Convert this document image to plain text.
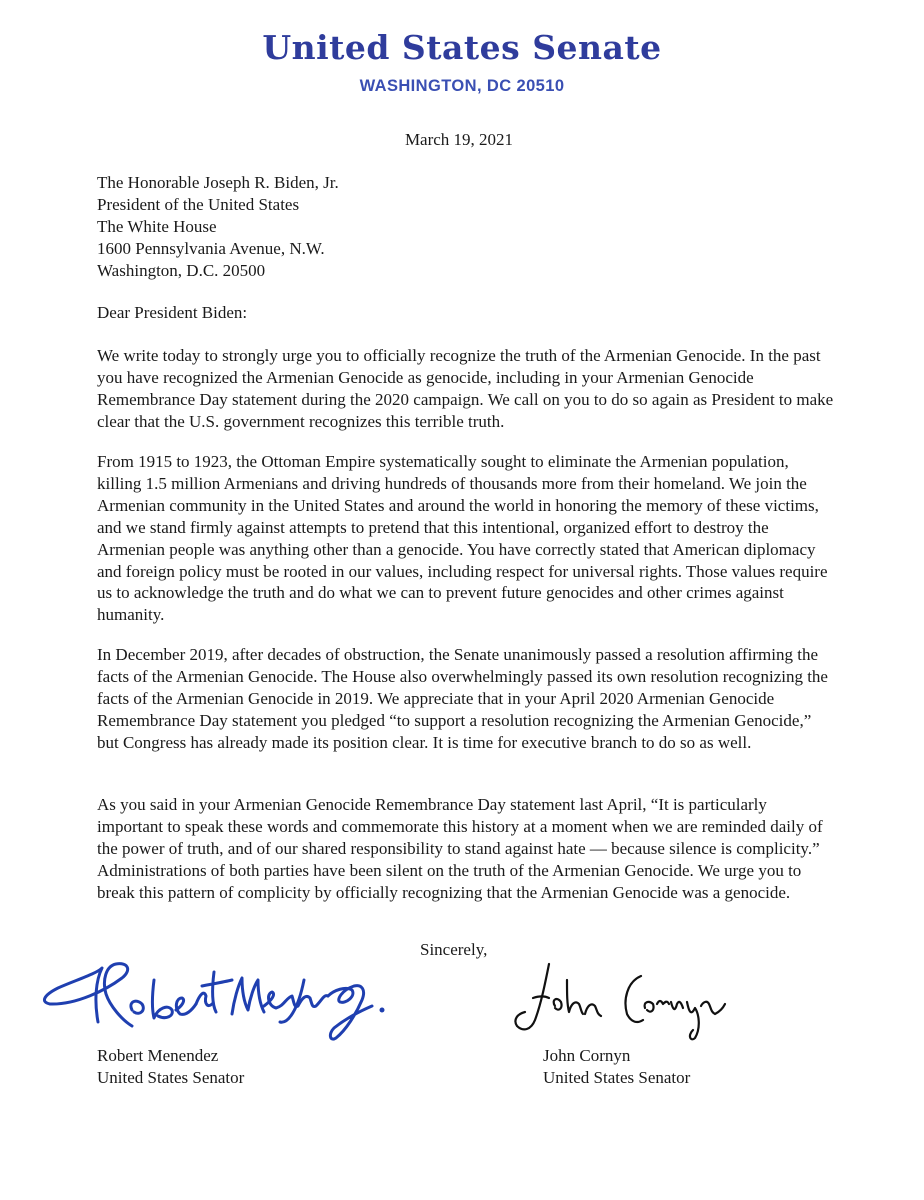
United States Senate
WASHINGTON, DC 20510
March 19, 2021
The Honorable Joseph R. Biden, Jr.
President of the United States
The White House
1600 Pennsylvania Avenue, N.W.
Washington, D.C. 20500
Dear President Biden:

We write today to strongly urge you to officially recognize the truth of the Armenian Genocide. In the past you have recognized the Armenian Genocide as genocide, including in your Armenian Genocide Remembrance Day statement during the 2020 campaign. We call on you to do so again as President to make clear that the U.S. government recognizes this terrible truth.

From 1915 to 1923, the Ottoman Empire systematically sought to eliminate the Armenian population, killing 1.5 million Armenians and driving hundreds of thousands more from their homeland. We join the Armenian community in the United States and around the world in honoring the memory of these victims, and we stand firmly against attempts to pretend that this intentional, organized effort to destroy the Armenian people was anything other than a genocide. You have correctly stated that American diplomacy and foreign policy must be rooted in our values, including respect for universal rights. Those values require us to acknowledge the truth and do what we can to prevent future genocides and other crimes against humanity.

In December 2019, after decades of obstruction, the Senate unanimously passed a resolution affirming the facts of the Armenian Genocide. The House also overwhelmingly passed its own resolution recognizing the facts of the Armenian Genocide in 2019. We appreciate that in your April 2020 Armenian Genocide Remembrance Day statement you pledged “to support a resolution recognizing the Armenian Genocide,” but Congress has already made its position clear. It is time for executive branch to do so as well.

As you said in your Armenian Genocide Remembrance Day statement last April, “It is particularly important to speak these words and commemorate this history at a moment when we are reminded daily of the power of truth, and of our shared responsibility to stand against hate — because silence is complicity.” Administrations of both parties have been silent on the truth of the Armenian Genocide. We urge you to break this pattern of complicity by officially recognizing that the Armenian Genocide was a genocide.

Sincerely,
Robert Menendez
United States Senator
John Cornyn
United States Senator
